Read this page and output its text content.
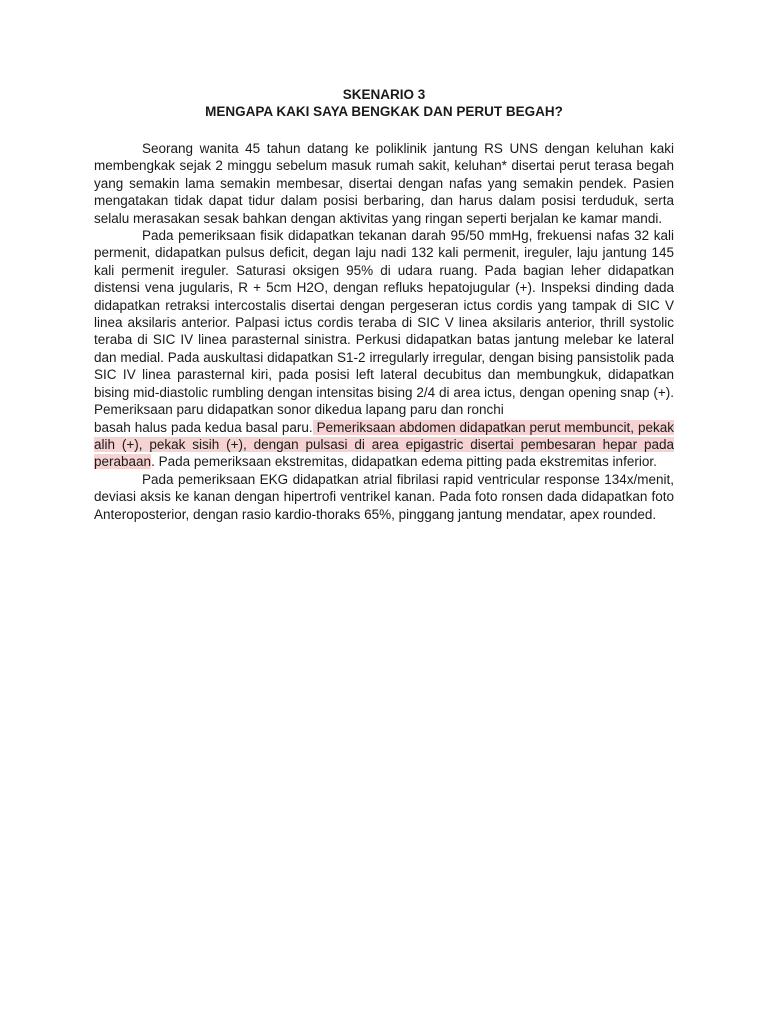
SKENARIO 3

MENGAPA KAKI SAYA BENGKAK DAN PERUT BEGAH?

Seorang wanita 45 tahun datang ke poliklinik jantung RS UNS dengan keluhan kaki membengkak sejak 2 minggu sebelum masuk rumah sakit, keluhan* disertai perut terasa begah yang semakin lama semakin membesar, disertai dengan nafas yang semakin pendek. Pasien mengatakan tidak dapat tidur dalam posisi berbaring, dan harus dalam posisi terduduk, serta selalu merasakan sesak bahkan dengan aktivitas yang ringan seperti berjalan ke kamar mandi.

Pada pemeriksaan fisik didapatkan tekanan darah 95/50 mmHg, frekuensi nafas 32 kali permenit, didapatkan pulsus deficit, degan laju nadi 132 kali permenit, ireguler, laju jantung 145 kali permenit ireguler. Saturasi oksigen 95% di udara ruang. Pada bagian leher didapatkan distensi vena jugularis, R + 5cm H2O, dengan refluks hepatojugular (+). Inspeksi dinding dada didapatkan retraksi intercostalis disertai dengan pergeseran ictus cordis yang tampak di SIC V linea aksilaris anterior. Palpasi ictus cordis teraba di SIC V linea aksilaris anterior, thrill systolic teraba di SIC IV linea parasternal sinistra. Perkusi didapatkan batas jantung melebar ke lateral dan medial. Pada auskultasi didapatkan S1-2 irregularly irregular, dengan bising pansistolik pada SIC IV linea parasternal kiri, pada posisi left lateral decubitus dan membungkuk, didapatkan bising mid-diastolic rumbling dengan intensitas bising 2/4 di area ictus, dengan opening snap (+). Pemeriksaan paru didapatkan sonor dikedua lapang paru dan ronchi

basah halus pada kedua basal paru. Pemeriksaan abdomen didapatkan perut membuncit, pekak alih (+), pekak sisih (+), dengan pulsasi di area epigastric disertai pembesaran hepar pada perabaan. Pada pemeriksaan ekstremitas, didapatkan edema pitting pada ekstremitas inferior.

Pada pemeriksaan EKG didapatkan atrial fibrilasi rapid ventricular response 134x/menit, deviasi aksis ke kanan dengan hipertrofi ventrikel kanan. Pada foto ronsen dada didapatkan foto Anteroposterior, dengan rasio kardio-thoraks 65%, pinggang jantung mendatar, apex rounded.
